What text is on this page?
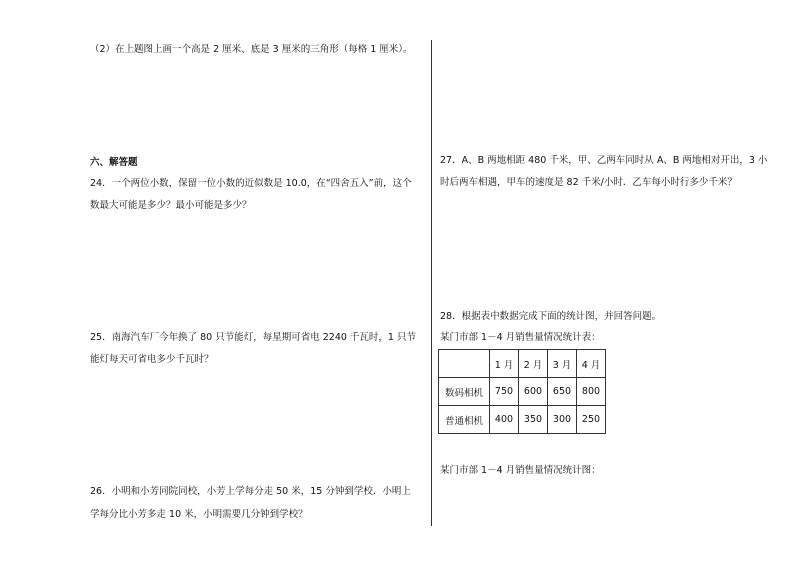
（2）在上题图上画一个高是 2 厘米、底是 3 厘米的三角形（每格 1 厘米）。
六、解答题
24．一个两位小数，保留一位小数的近似数是 10.0，在“四舍五入”前，这个
数最大可能是多少？最小可能是多少？
25．南海汽车厂今年换了 80 只节能灯，每星期可省电 2240 千瓦时，1 只节
能灯每天可省电多少千瓦时？
26．小明和小芳同院同校，小芳上学每分走 50 米，15 分钟到学校．小明上
学每分比小芳多走 10 米，小明需要几分钟到学校？
27．A、B 两地相距 480 千米，甲、乙两车同时从 A、B 两地相对开出，3 小
时后两车相遇，甲车的速度是 82 千米/小时．乙车每小时行多少千米？
28．根据表中数据完成下面的统计图，并回答问题。
某门市部 1－4 月销售量情况统计表：
	1 月	2 月	3 月	4 月
数码相机	750	600	650	800
普通相机	400	350	300	250
某门市部 1－4 月销售量情况统计图：
